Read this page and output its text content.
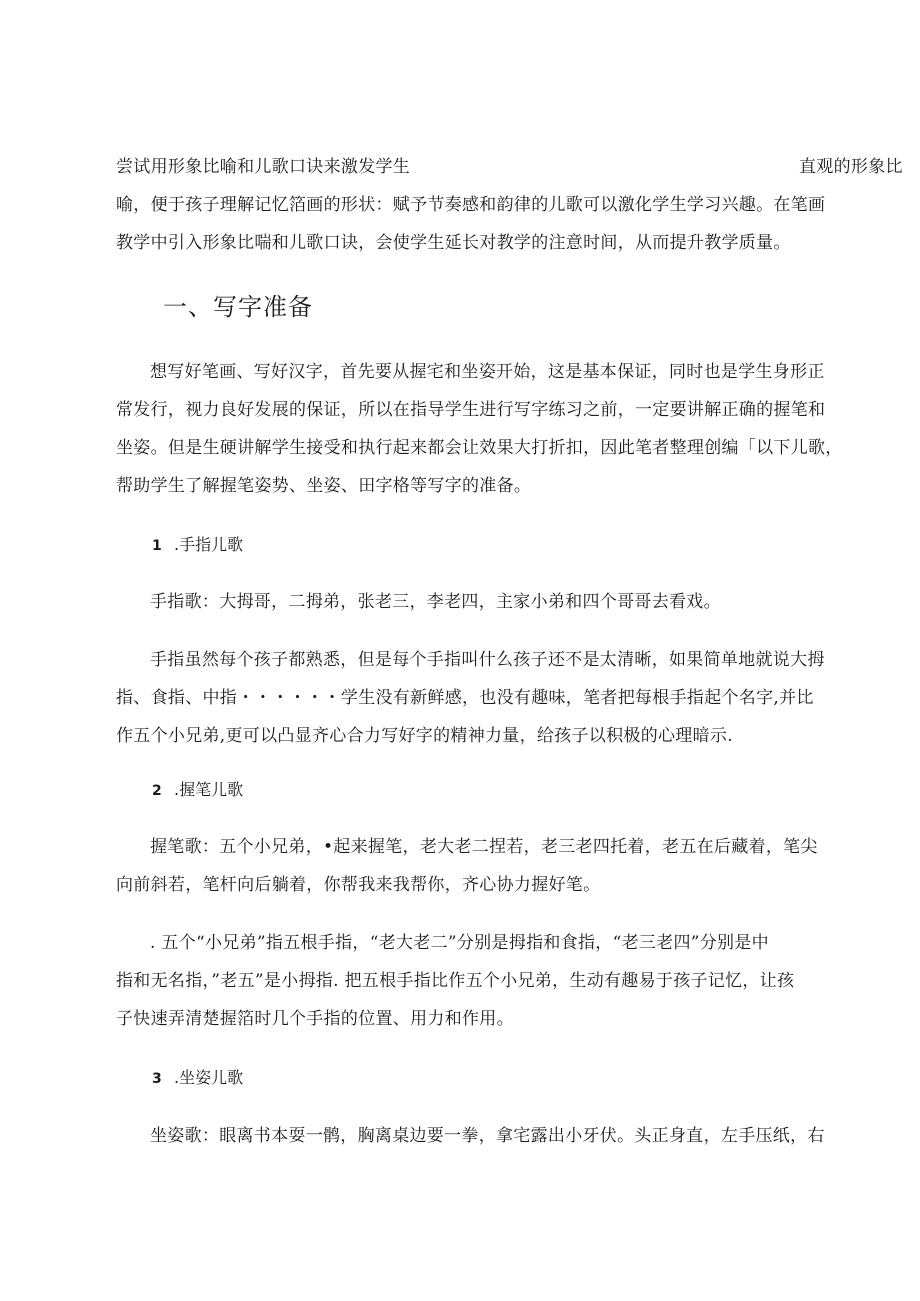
尝试用形象比喻和儿歌口诀来激发学生	直观的形象比
喻，便于孩子理解记忆箔画的形状：赋予节奏感和韵律的儿歌可以激化学生学习兴趣。在笔画
教学中引入形象比喘和儿歌口诀，会使学生延长对教学的注意时间，从而提升教学质量。
一、写字准备
想写好笔画、写好汉字，首先要从握宅和坐姿开始，这是基本保证，同时也是学生身形正
常发行，视力良好发展的保证，所以在指导学生进行写字练习之前，一定要讲解正确的握笔和
坐姿。但是生硬讲解学生接受和执行起来都会让效果大打折扣，因此笔者整理创编「以下儿歌，
帮助学生了解握笔姿势、坐姿、田字格等写字的准备。
1 .手指儿歌
手指歌：大拇哥，二拇弟，张老三，李老四，主家小弟和四个哥哥去看戏。
手指虽然每个孩子都熟悉，但是每个手指叫什么孩子还不是太清晰，如果简单地就说大拇
指、食指、中指・・・・・・学生没有新鲜感，也没有趣味，笔者把每根手指起个名字,并比
作五个小兄弟,更可以凸显齐心合力写好字的精神力量，给孩子以积极的心理暗示.
2 .握笔儿歌
握笔歌：五个小兄弟，•起来握笔，老大老二捏若，老三老四托着，老五在后藏着，笔尖
向前斜若，笔杆向后躺着，你帮我来我帮你，齐心协力握好笔。
. 五个“小兄弟”指五根手指，“老大老二”分别是拇指和食指，“老三老四”分别是中
指和无名指，”老五”是小拇指. 把五根手指比作五个小兄弟，生动有趣易于孩子记忆，让孩
子快速弄清楚握箔时几个手指的位置、用力和作用。
3 .坐姿儿歌
坐姿歌：眼离书本耍一鹘，胸离桌边要一拳，拿宅露出小牙伏。头正身直，左手压纸，右
